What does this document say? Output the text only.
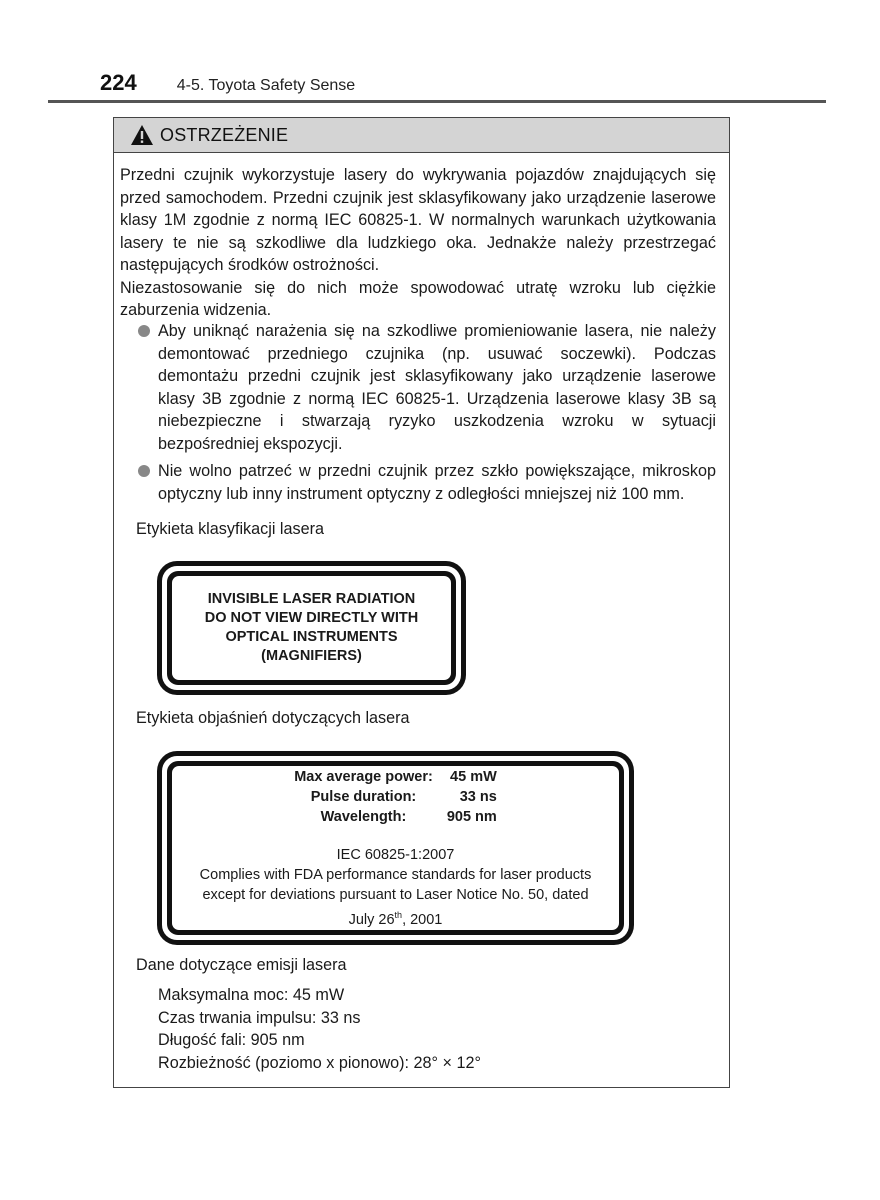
224	4-5. Toyota Safety Sense
OSTRZEŻENIE

Przedni czujnik wykorzystuje lasery do wykrywania pojazdów znajdujących się przed samochodem. Przedni czujnik jest sklasyfikowany jako urządzenie laserowe klasy 1M zgodnie z normą IEC 60825-1. W normalnych warunkach użytkowania lasery te nie są szkodliwe dla ludzkiego oka. Jednakże należy przestrzegać następujących środków ostrożności.

Niezastosowanie się do nich może spowodować utratę wzroku lub ciężkie zaburzenia widzenia.

Aby uniknąć narażenia się na szkodliwe promieniowanie lasera, nie należy demontować przedniego czujnika (np. usuwać soczewki). Podczas demontażu przedni czujnik jest sklasyfikowany jako urządzenie laserowe klasy 3B zgodnie z normą IEC 60825-1. Urządzenia laserowe klasy 3B są niebezpieczne i stwarzają ryzyko uszkodzenia wzroku w sytuacji bezpośredniej ekspozycji.
Nie wolno patrzeć w przedni czujnik przez szkło powiększające, mikroskop optyczny lub inny instrument optyczny z odległości mniejszej niż 100 mm.
Etykieta klasyfikacji lasera
INVISIBLE LASER RADIATION
DO NOT VIEW DIRECTLY WITH
OPTICAL INSTRUMENTS
(MAGNIFIERS)
Etykieta objaśnień dotyczących lasera
Max average power:	45 mW
Pulse duration:	33 ns
Wavelength:	905 nm
IEC 60825-1:2007
Complies with FDA performance standards for laser products
except for deviations pursuant to Laser Notice No. 50, dated
July 26th, 2001
Dane dotyczące emisji lasera
Maksymalna moc: 45 mW
Czas trwania impulsu: 33 ns
Długość fali: 905 nm
Rozbieżność (poziomo x pionowo): 28° × 12°
